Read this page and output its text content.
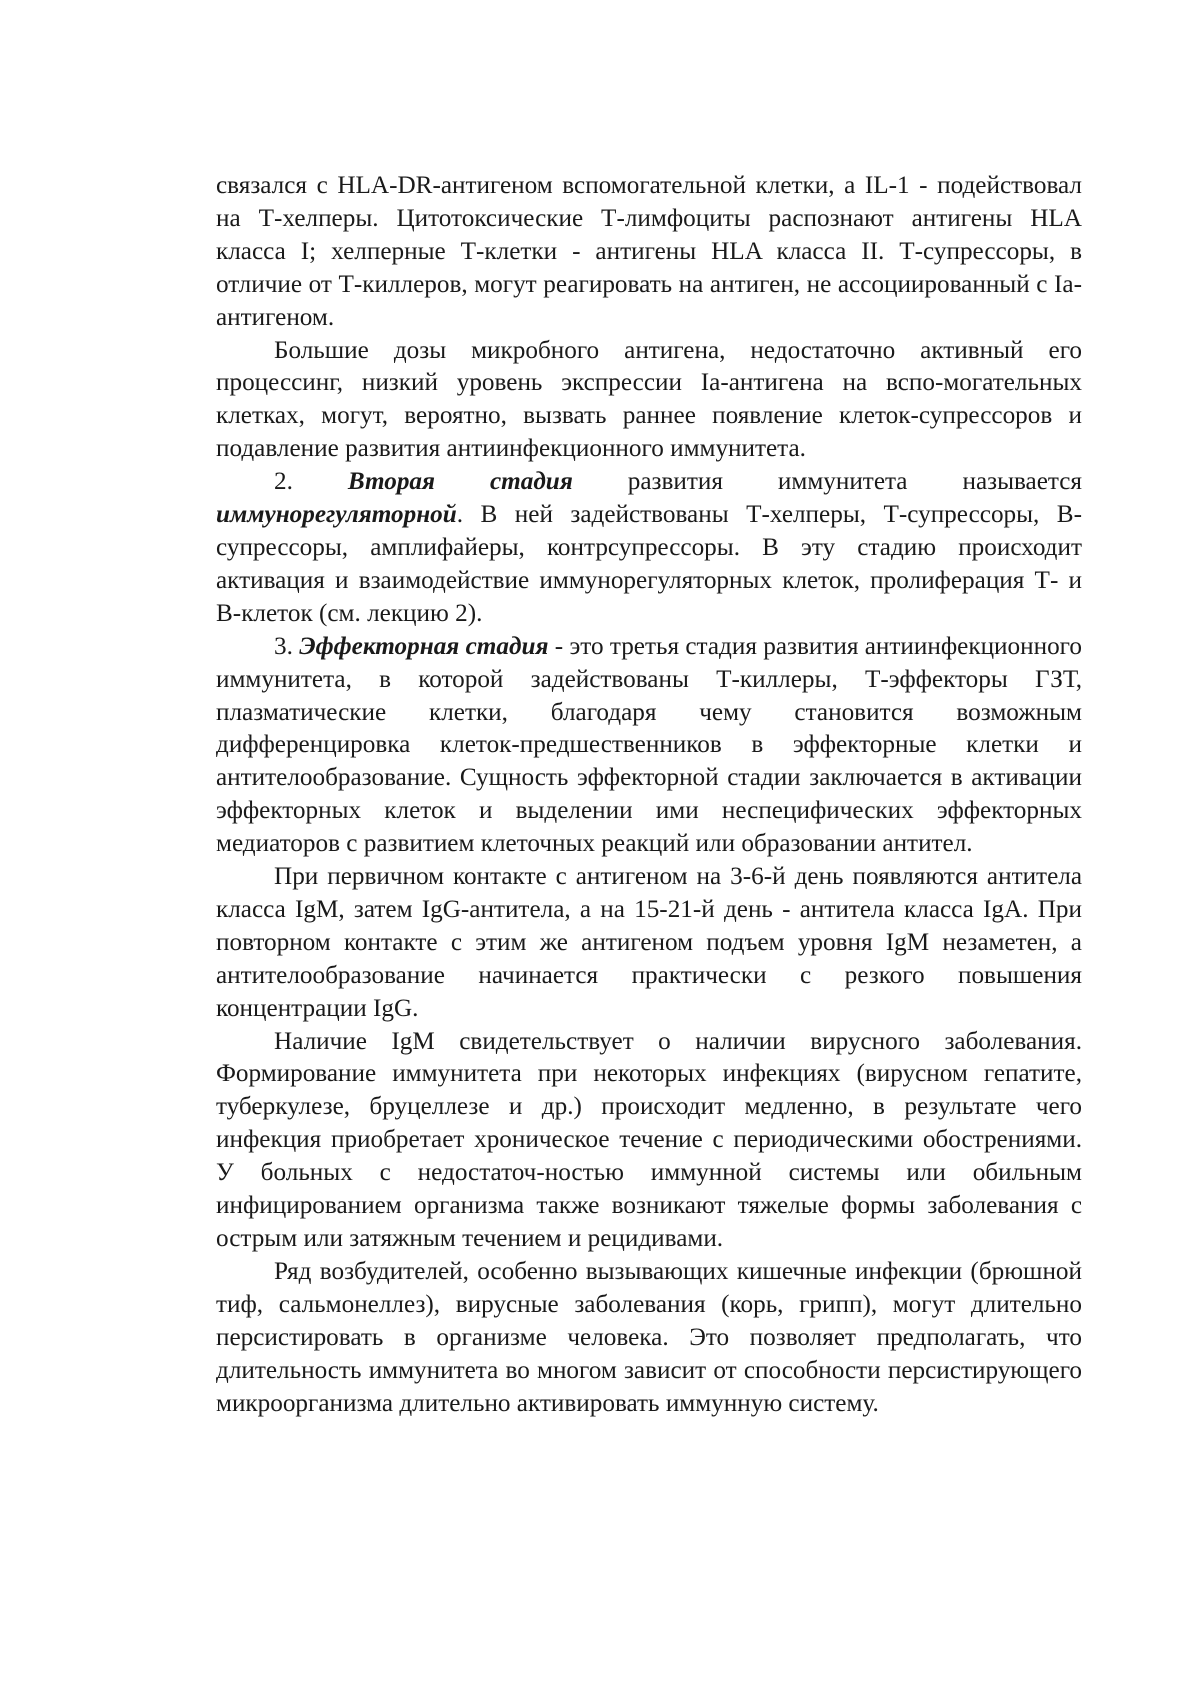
связался с HLA-DR-антигеном вспомогательной клетки, а IL-1 - подействовал на Т-хелперы. Цитотоксические Т-лимфоциты распознают антигены HLA класса I; хелперные Т-клетки - антигены HLA класса II. Т-супрессоры, в отличие от Т-киллеров, могут реагировать на антиген, не ассоциированный с Ia-антигеном.

Большие дозы микробного антигена, недостаточно активный его процессинг, низкий уровень экспрессии Ia-антигена на вспо-могательных клетках, могут, вероятно, вызвать раннее появление клеток-супрессоров и подавление развития антиинфекционного иммунитета.

2. Вторая стадия развития иммунитета называется иммунорегуляторной. В ней задействованы Т-хелперы, Т-супрессоры, В-супрессоры, амплифайеры, контрсупрессоры. В эту стадию происходит активация и взаимодействие иммунорегуляторных клеток, пролиферация Т- и В-клеток (см. лекцию 2).

3. Эффекторная стадия - это третья стадия развития антиинфекционного иммунитета, в которой задействованы Т-киллеры, Т-эффекторы ГЗТ, плазматические клетки, благодаря чему становится возможным дифференцировка клеток-предшественников в эффекторные клетки и антителообразование. Сущность эффекторной стадии заключается в активации эффекторных клеток и выделении ими неспецифических эффекторных медиаторов с развитием клеточных реакций или образовании антител.

При первичном контакте с антигеном на 3-6-й день появляются антитела класса IgM, затем IgG-антитела, а на 15-21-й день - антитела класса IgA. При повторном контакте с этим же антигеном подъем уровня IgM незаметен, а антителообразование начинается практически с резкого повышения концентрации IgG.

Наличие IgM свидетельствует о наличии вирусного заболевания. Формирование иммунитета при некоторых инфекциях (вирусном гепатите, туберкулезе, бруцеллезе и др.) происходит медленно, в результате чего инфекция приобретает хроническое течение с периодическими обострениями. У больных с недостаточ-ностью иммунной системы или обильным инфицированием организма также возникают тяжелые формы заболевания с острым или затяжным течением и рецидивами.

Ряд возбудителей, особенно вызывающих кишечные инфекции (брюшной тиф, сальмонеллез), вирусные заболевания (корь, грипп), могут длительно персистировать в организме человека. Это позволяет предполагать, что длительность иммунитета во многом зависит от способности персистирующего микроорганизма длительно активировать иммунную систему.
